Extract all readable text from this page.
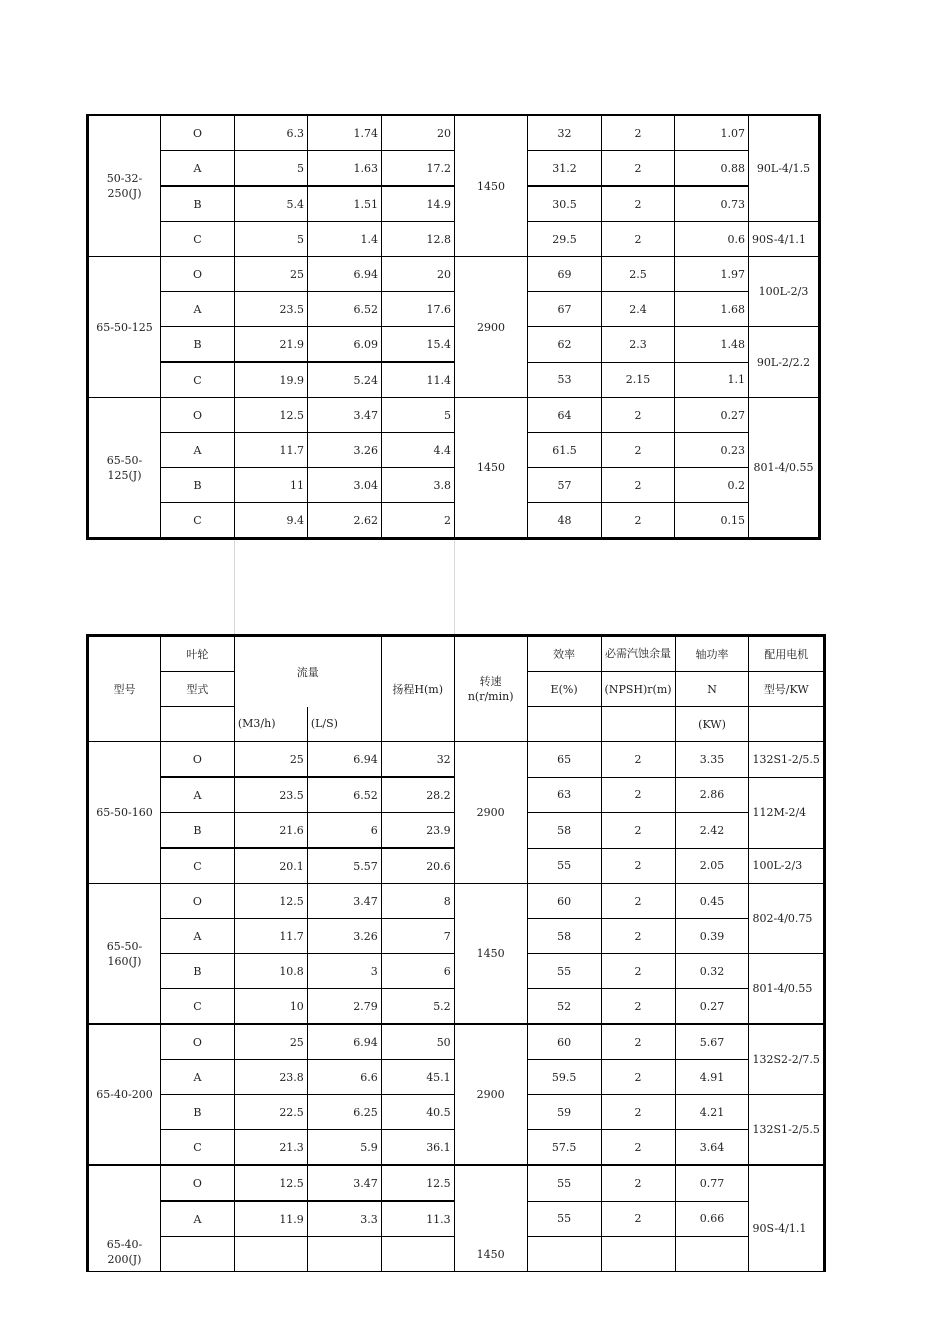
50-32-250(J)	O	6.3	1.74	20	1450	32	2	1.07	90L-4/1.5
	A	5	1.63	17.2		31.2	2	0.88	
	B	5.4	1.51	14.9		30.5	2	0.73	
	C	5	1.4	12.8		29.5	2	0.6	90S-4/1.1
65-50-125	O	25	6.94	20	2900	69	2.5	1.97	100L-2/3
	A	23.5	6.52	17.6		67	2.4	1.68	
	B	21.9	6.09	15.4		62	2.3	1.48	90L-2/2.2
	C	19.9	5.24	11.4		53	2.15	1.1	
65-50-125(J)	O	12.5	3.47	5	1450	64	2	0.27	801-4/0.55
	A	11.7	3.26	4.4		61.5	2	0.23	
	B	11	3.04	3.8		57	2	0.2	
	C	9.4	2.62	2		48	2	0.15	
型号	叶轮	流量		扬程H(m)	转速n(r/min)	效率	必需汽蚀余量	轴功率	配用电机
	型式					E(%)	(NPSH)r(m)	N	型号/KW
		(M3/h)	(L/S)					(KW)	
65-50-160	O	25	6.94	32	2900	65	2	3.35	132S1-2/5.5
	A	23.5	6.52	28.2		63	2	2.86	112M-2/4
	B	21.6	6	23.9		58	2	2.42	
	C	20.1	5.57	20.6		55	2	2.05	100L-2/3
65-50-160(J)	O	12.5	3.47	8	1450	60	2	0.45	802-4/0.75
	A	11.7	3.26	7		58	2	0.39	
	B	10.8	3	6		55	2	0.32	801-4/0.55
	C	10	2.79	5.2		52	2	0.27	
65-40-200	O	25	6.94	50	2900	60	2	5.67	132S2-2/7.5
	A	23.8	6.6	45.1		59.5	2	4.91	
	B	22.5	6.25	40.5		59	2	4.21	132S1-2/5.5
	C	21.3	5.9	36.1		57.5	2	3.64	
65-40-200(J)	O	12.5	3.47	12.5	1450	55	2	0.77	90S-4/1.1
	A	11.9	3.3	11.3		55	2	0.66	
